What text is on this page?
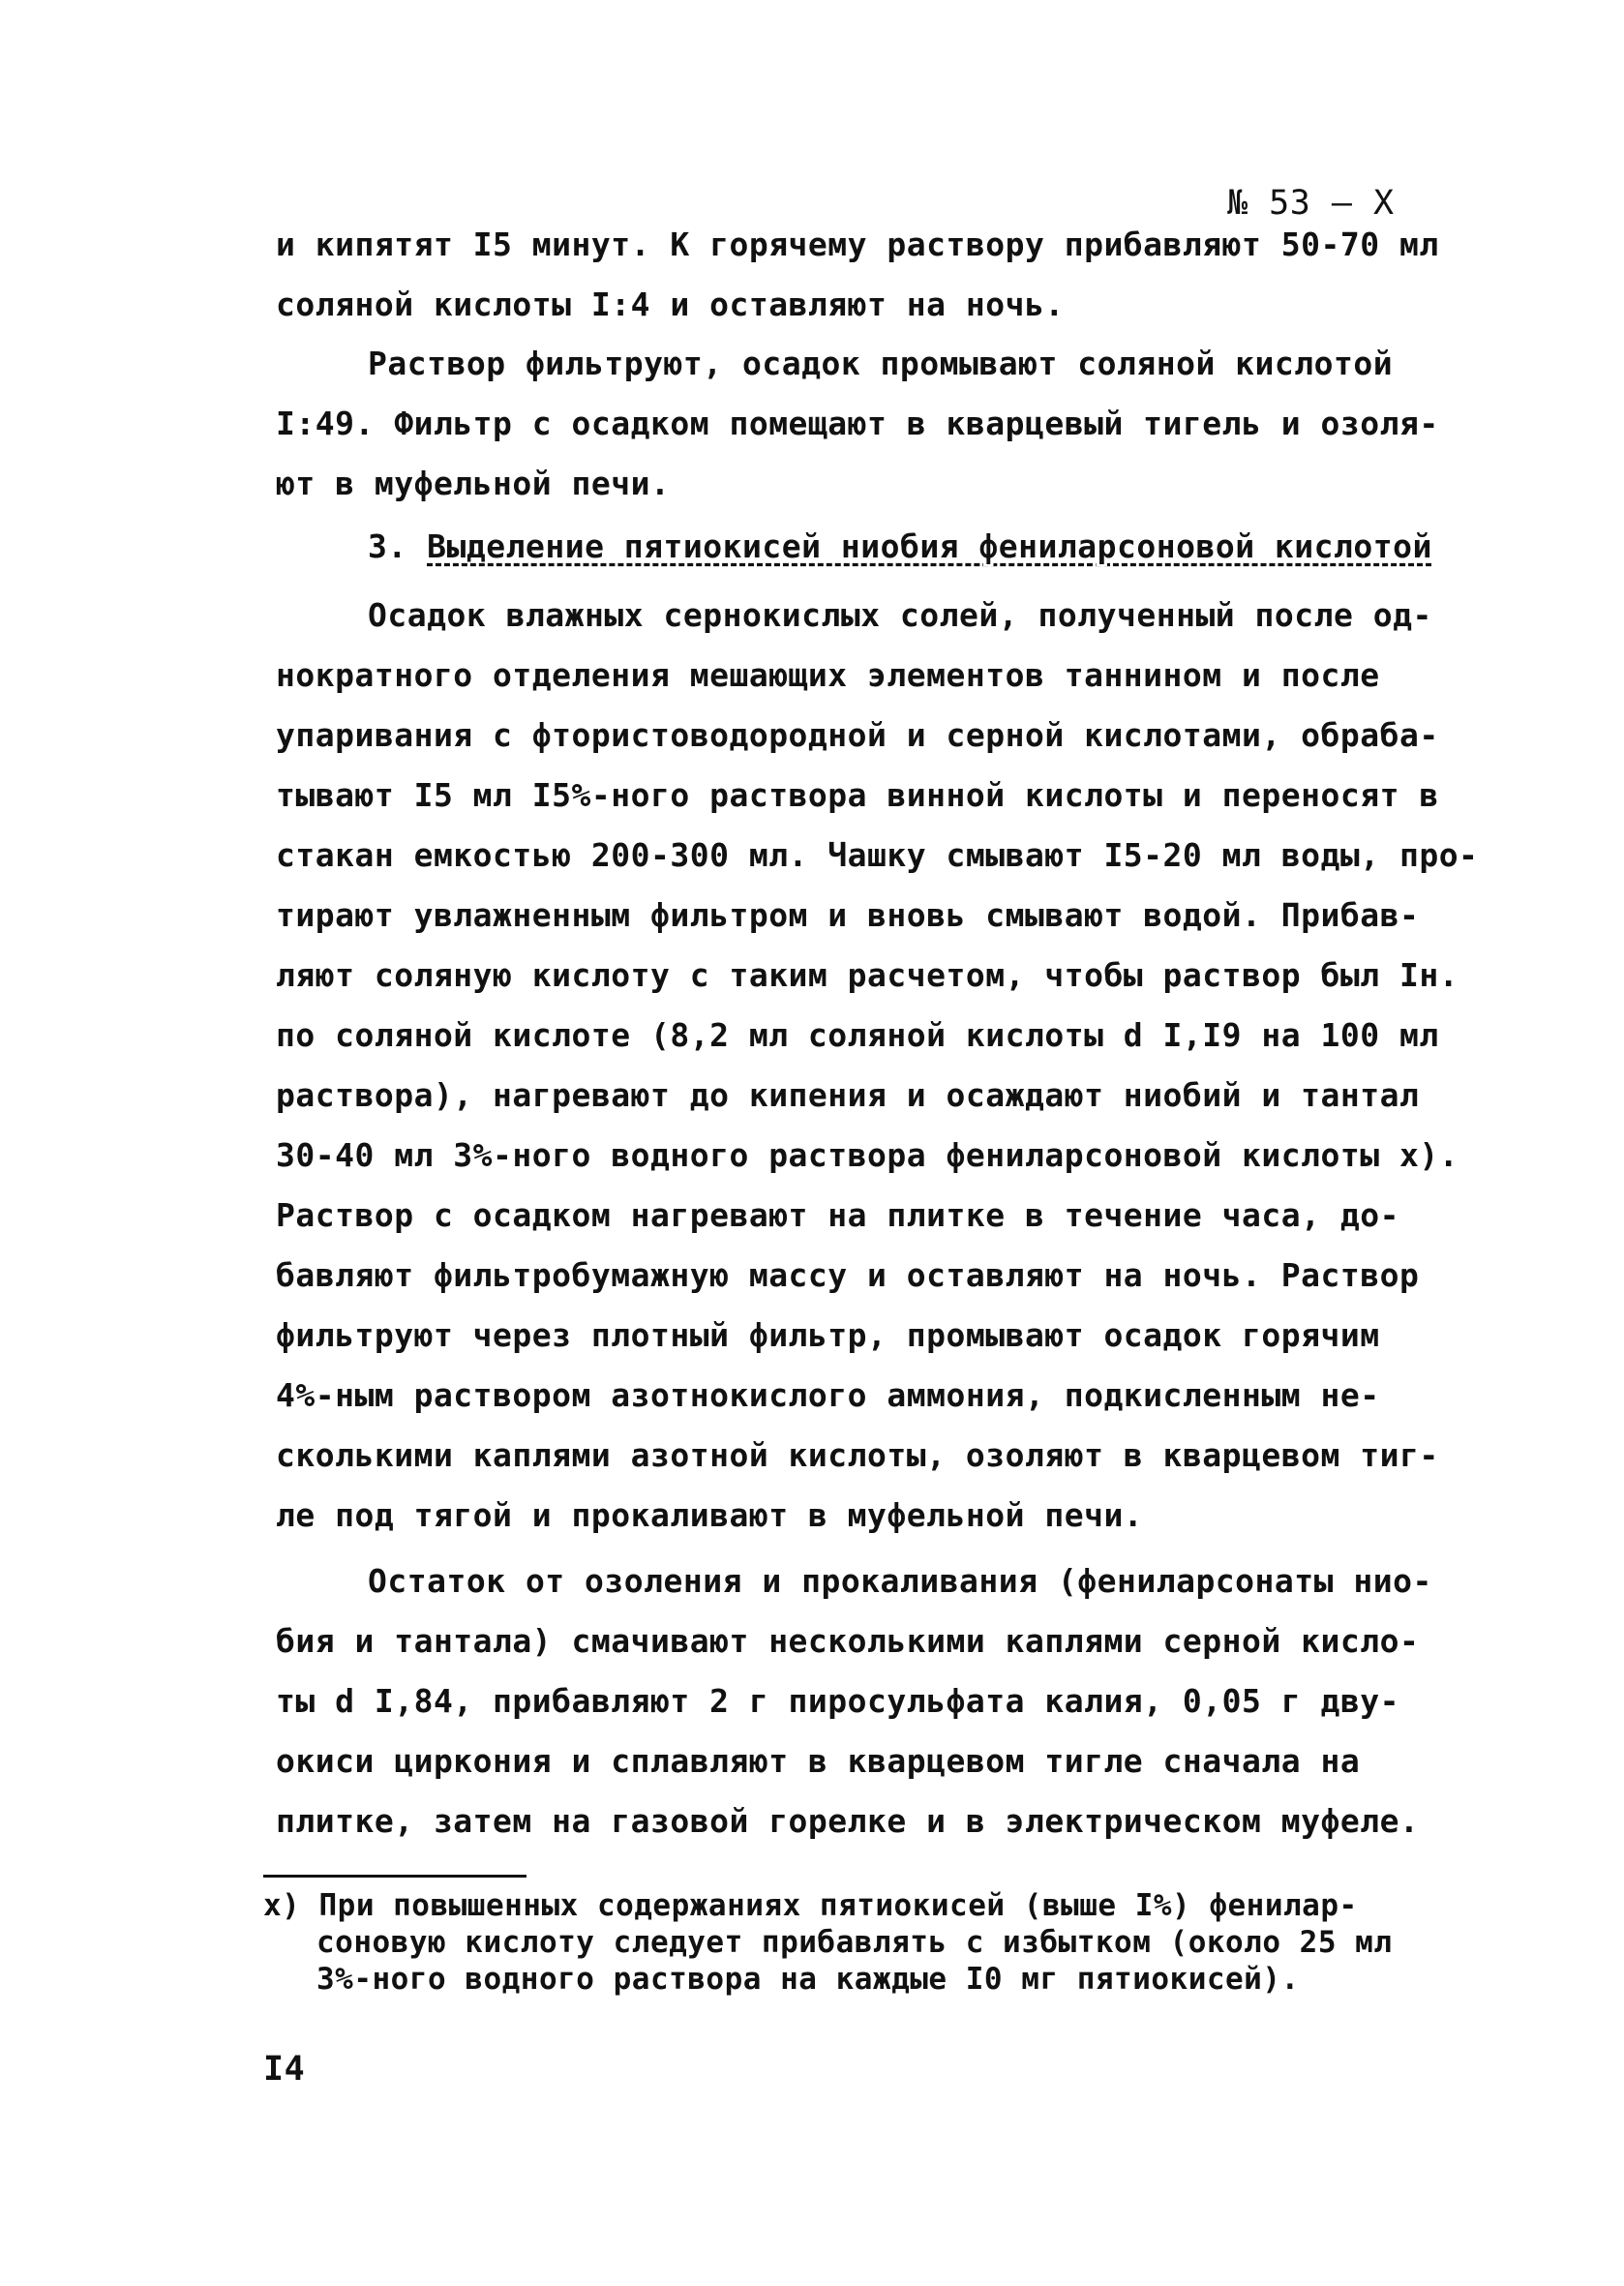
№ 53 – X
и кипятят I5 минут. К горячему раствору прибавляют 50-70 мл
соляной кислоты I:4 и оставляют на ночь.
Раствор фильтруют, осадок промывают соляной кислотой
I:49. Фильтр с осадком помещают в кварцевый тигель и озоля-
ют в муфельной печи.
3. Выделение пятиокисей ниобия фенилapсоновой кислотой
Осадок влажных сернокислых солей, полученный после од-
нократного отделения мешающих элементов таннином и после
упаривания с фтористоводородной и серной кислотами, обраба-
тывают I5 мл I5%-ного раствора винной кислоты и переносят в
стакан емкостью 200-300 мл. Чашку смывают I5-20 мл воды, про-
тирают увлажненным фильтром и вновь смывают водой. Прибав-
ляют соляную кислоту с таким расчетом, чтобы раствор был Iн.
по соляной кислоте (8,2 мл соляной кислоты d I,I9 на 100 мл
раствора), нагревают до кипения и осаждают ниобий и тантал
30-40 мл 3%-ного водного раствора фениларсоновой кислоты x).
Раствор с осадком нагревают на плитке в течение часа, до-
бавляют фильтробумажную массу и оставляют на ночь. Раствор
фильтруют через плотный фильтр, промывают осадок горячим
4%-ным раствором азотнокислого аммония, подкисленным не-
сколькими каплями азотной кислоты, озоляют в кварцевом тиг-
ле под тягой и прокаливают в муфельной печи.
Остаток от озоления и прокаливания (фениларсонаты нио-
бия и тантала) смачивают несколькими каплями серной кисло-
ты d I,84, прибавляют 2 г пиросульфата калия, 0,05 г дву-
окиси циркония и сплавляют в кварцевом тигле сначала на
плитке, затем на газовой горелке и в электрическом муфеле.
x) При повышенных содержаниях пятиокисей (выше I%) фенилар-
соновую кислоту следует прибавлять с избытком (около 25 мл
3%-ного водного раствора на каждые I0 мг пятиокисей).
I4
